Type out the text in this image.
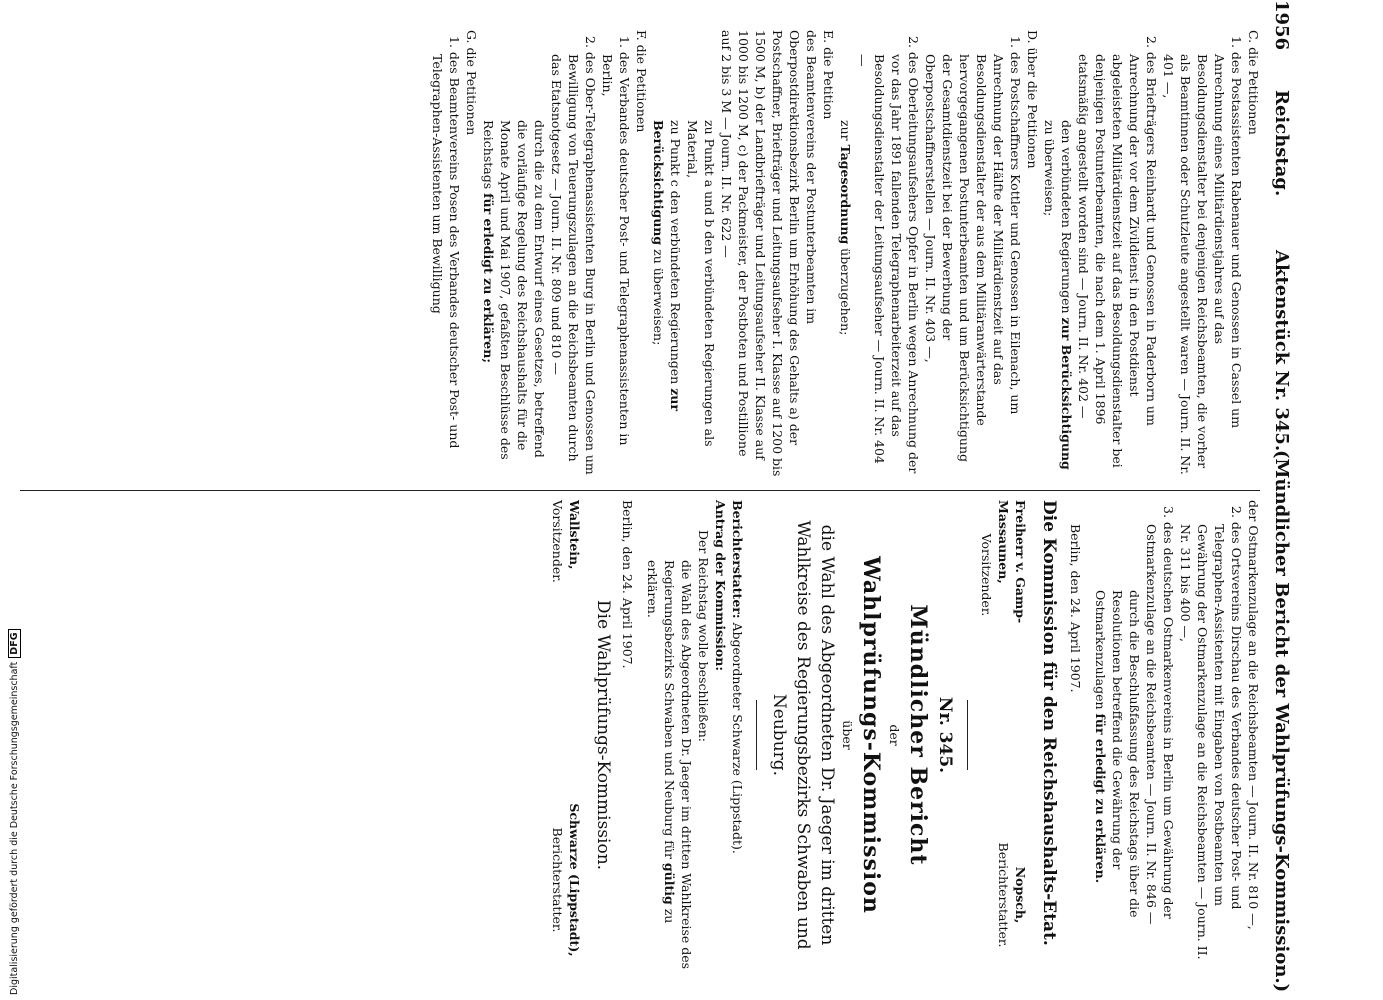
1956
Reichstag.
Aktenstück Nr. 345.
(Mündlicher Bericht der Wahlprüfungs-Kommission.)

C. die Petitionen

1. des Postassistenten Rabenauer und Genossen in Cassel um Anrechnung eines Militärdienstjahres auf das Besoldungsdienstalter bei denjenigen Reichsbeamten, die vorher als Beamtinnen oder Schutzleute angestellt waren — Journ. II. Nr. 401 —,

2. des Briefträgers Reinhardt und Genossen in Paderborn um Anrechnung der vor dem Zivildienst in den Postdienst abgeleisteten Militärdienstzeit auf das Besoldungsdienstalter bei denjenigen Postunterbeamten, die nach dem 1. April 1896 etatsmäßig angestellt worden sind — Journ. II. Nr. 402 —

den verbündeten Regierungen zur Berücksichtigung zu überweisen;

D. über die Petitionen

1. des Postschaffners Kottler und Genossen in Eilenach, um Anrechnung der Hälfte der Militärdienstzeit auf das Besoldungsdienstalter der aus dem Militäranwärterstande hervorgegangenen Postunterbeamten und um Berücksichtigung der Gesamtdienstzeit bei der Bewerbung der Oberpostschaffnerstellen — Journ. II. Nr. 403 —,

2. des Oberleitungsaufsehers Opfer in Berlin wegen Anrechnung der vor das Jahr 1891 fallenden Telegraphenarbeiterzeit auf das Besoldungsdienstalter der Leitungsaufseher — Journ. II. Nr. 404 —

zur Tagesordnung überzugehen;

E. die Petition

des Beamtenvereins der Postunterbeamten im Oberpostdirektionsbezirk Berlin um Erhöhung des Gehalts a) der Postschaffner, Briefträger und Leitungsaufseher I. Klasse auf 1200 bis 1500 M, b) der Landbriefträger und Leitungsaufseher II. Klasse auf 1000 bis 1200 M, c) der Packmeister, der Postboten und Postillione auf 2 bis 3 M — Journ. II. Nr. 622 —

zu Punkt a und b den verbündeten Regierungen als Material,

zu Punkt c den verbündeten Regierungen zur Berücksichtigung zu überweisen;

F. die Petitionen

1. des Verbandes deutscher Post- und Telegraphenassistenten in Berlin,

2. des Ober-Telegraphenassistenten Burg in Berlin und Genossen um Bewilligung von Teuerungszulagen an die Reichsbeamten durch das Etatsnotgesetz — Journ. II. Nr. 809 und 810 —

durch die zu dem Entwurf eines Gesetzes, betreffend die vorläufige Regelung des Reichshaushalts für die Monate April und Mai 1907, gefaßten Beschlüsse des Reichstags für erledigt zu erklären;

G. die Petitionen

1. des Beamtenvereins Posen des Verbandes deutscher Post- und Telegraphen-Assistenten um Bewilligung

der Ostmarkenzulage an die Reichsbeamten — Journ. II. Nr. 810 —,

2. des Ortsvereins Dirschau des Verbandes deutscher Post- und Telegraphen-Assistenten mit Eingaben von Postbeamten um Gewährung der Ostmarkenzulage an die Reichsbeamten — Journ. II. Nr. 311 bis 400 —,

3. des deutschen Ostmarkenvereins in Berlin um Gewährung der Ostmarkenzulage an die Reichsbeamten — Journ. II. Nr. 846 —

durch die Beschlußfassung des Reichstags über die Resolutionen betreffend die Gewährung der Ostmarkenzulagen für erledigt zu erklären.

Berlin, den 24. April 1907.

Die Kommission für den Reichshaushalts-Etat.

Freiherr v. Gamp-Massaunen,

Vorsitzender.

Nopsch,

Berichterstatter.

Nr. 345.

Mündlicher Bericht

der

Wahlprüfungs-Kommission

über

die Wahl des Abgeordneten Dr. Jaeger im dritten Wahlkreise des Regierungsbezirks Schwaben und Neuburg.

Berichterstatter: Abgeordneter Schwarze (Lippstadt).

Antrag der Kommission:

Der Reichstag wolle beschließen:

die Wahl des Abgeordneten Dr. Jaeger im dritten Wahlkreise des Regierungsbezirks Schwaben und Neuburg für gültig zu erklären.

Berlin, den 24. April 1907.

Die Wahlprüfungs-Kommission.

Wallstein,

Vorsitzender.

Schwarze (Lippstadt),

Berichterstatter.

Digitalisierung gefördert durch die Deutsche ForschungsgemeinschaftDFG
